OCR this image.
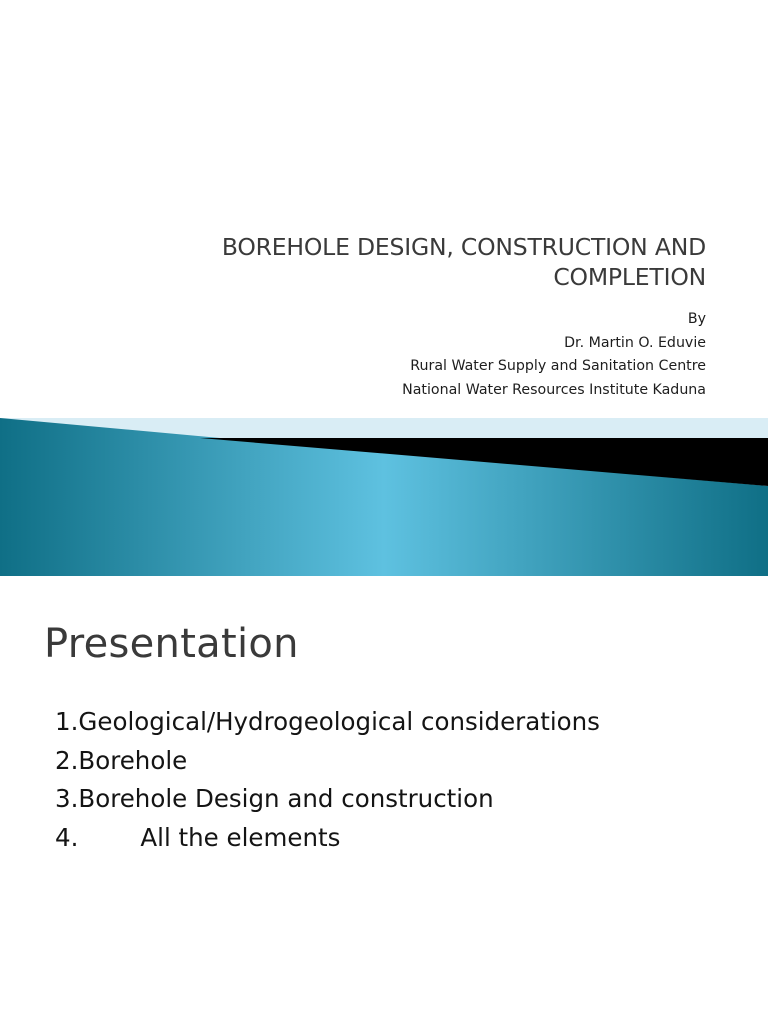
BOREHOLE DESIGN, CONSTRUCTION AND
COMPLETION
By
Dr. Martin O. Eduvie
Rural Water Supply and Sanitation Centre
National Water Resources Institute Kaduna
Presentation
1.Geological/Hydrogeological considerations
2.Borehole
3.Borehole Design and construction
4.	All the elements
